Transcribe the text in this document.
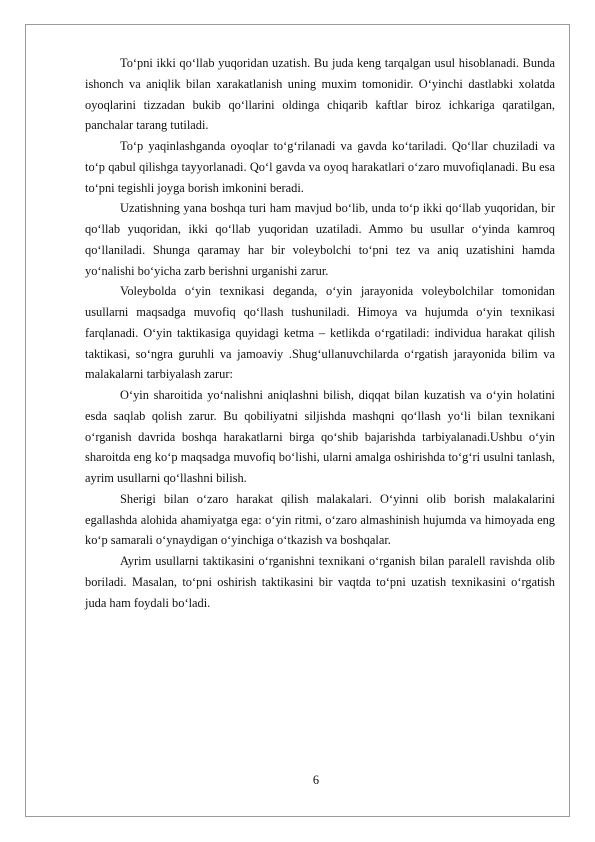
To‘pni ikki qo‘llab yuqoridan uzatish. Bu juda keng tarqalgan usul hisoblanadi. Bunda ishonch va aniqlik bilan xarakatlanish uning muxim tomonidir. O‘yinchi dastlabki xolatda oyoqlarini tizzadan bukib qo‘llarini oldinga chiqarib kaftlar biroz ichkariga qaratilgan, panchalar tarang tutiladi.

To‘p yaqinlashganda oyoqlar to‘g‘rilanadi va gavda ko‘tariladi. Qo‘llar chuziladi va to‘p qabul qilishga tayyorlanadi. Qo‘l gavda va oyoq harakatlari o‘zaro muvofiqlanadi. Bu esa to‘pni tegishli joyga borish imkonini beradi.

Uzatishning yana boshqa turi ham mavjud bo‘lib, unda to‘p ikki qo‘llab yuqoridan, bir qo‘llab yuqoridan, ikki qo‘llab yuqoridan uzatiladi. Ammo bu usullar o‘yinda kamroq qo‘llaniladi. Shunga qaramay har bir voleybolchi to‘pni tez va aniq uzatishini hamda yo‘nalishi bo‘yicha zarb berishni urganishi zarur.

Voleybolda o‘yin texnikasi deganda, o‘yin jarayonida voleybolchilar tomonidan usullarni maqsadga muvofiq qo‘llash tushuniladi. Himoya va hujumda o‘yin texnikasi farqlanadi. O‘yin taktikasiga quyidagi ketma – ketlikda o‘rgatiladi: individua harakat qilish taktikasi, so‘ngra guruhli va jamoaviy .Shug‘ullanuvchilarda o‘rgatish jarayonida bilim va malakalarni tarbiyalash zarur:

O‘yin sharoitida yo‘nalishni aniqlashni bilish, diqqat bilan kuzatish va o‘yin holatini esda saqlab qolish zarur. Bu qobiliyatni siljishda mashqni qo‘llash yo‘li bilan texnikani o‘rganish davrida boshqa harakatlarni birga qo‘shib bajarishda tarbiyalanadi.Ushbu o‘yin sharoitda eng ko‘p maqsadga muvofiq bo‘lishi, ularni amalga oshirishda to‘g‘ri usulni tanlash, ayrim usullarni qo‘llashni bilish.

Sherigi bilan o‘zaro harakat qilish malakalari. O‘yinni olib borish malakalarini egallashda alohida ahamiyatga ega: o‘yin ritmi, o‘zaro almashinish hujumda va himoyada eng ko‘p samarali o‘ynaydigan o‘yinchiga o‘tkazish va boshqalar.

Ayrim usullarni taktikasini o‘rganishni texnikani o‘rganish bilan paralell ravishda olib boriladi. Masalan, to‘pni oshirish taktikasini bir vaqtda to‘pni uzatish texnikasini o‘rgatish juda ham foydali bo‘ladi.

6
